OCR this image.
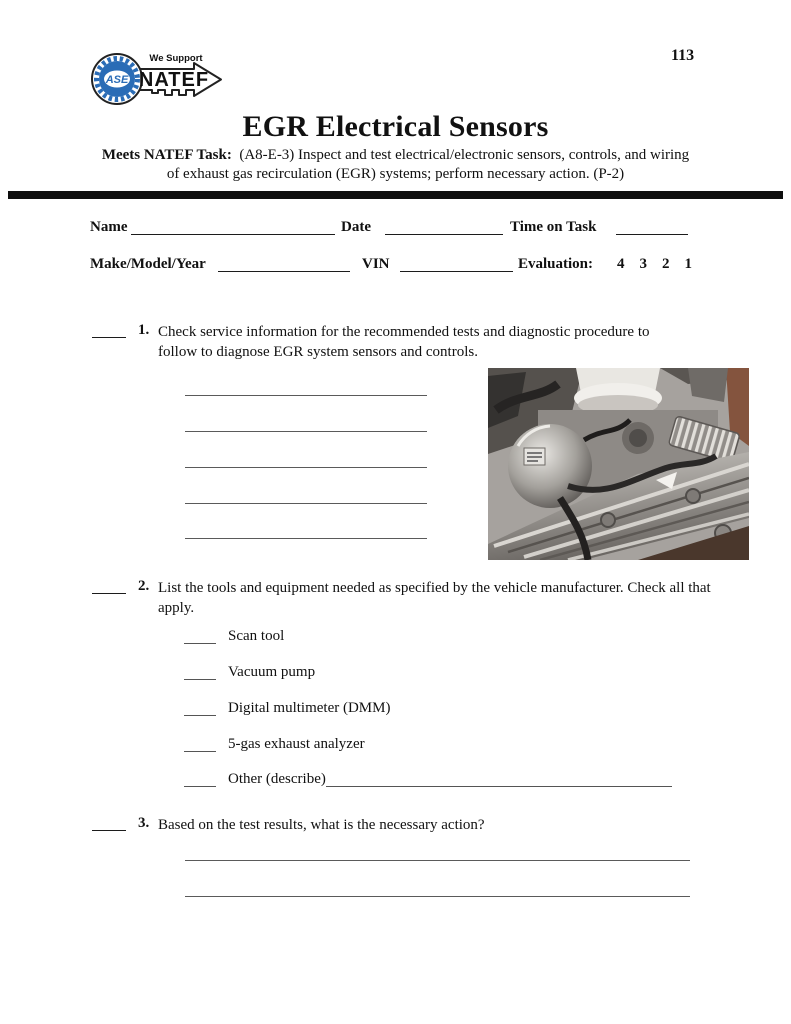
ASE
We Support
NATEF
113
EGR Electrical Sensors
Meets NATEF Task: (A8-E-3) Inspect and test electrical/electronic sensors, controls, and wiring
of exhaust gas recirculation (EGR) systems; perform necessary action. (P-2)
Name	Date	Time on Task
Make/Model/Year	VIN	Evaluation: 4 3 2 1
1. Check service information for the recommended tests and diagnostic procedure to follow to diagnose EGR system sensors and controls.
2. List the tools and equipment needed as specified by the vehicle manufacturer. Check all that apply.
Scan tool
Vacuum pump
Digital multimeter (DMM)
5-gas exhaust analyzer
Other (describe)
3. Based on the test results, what is the necessary action?
